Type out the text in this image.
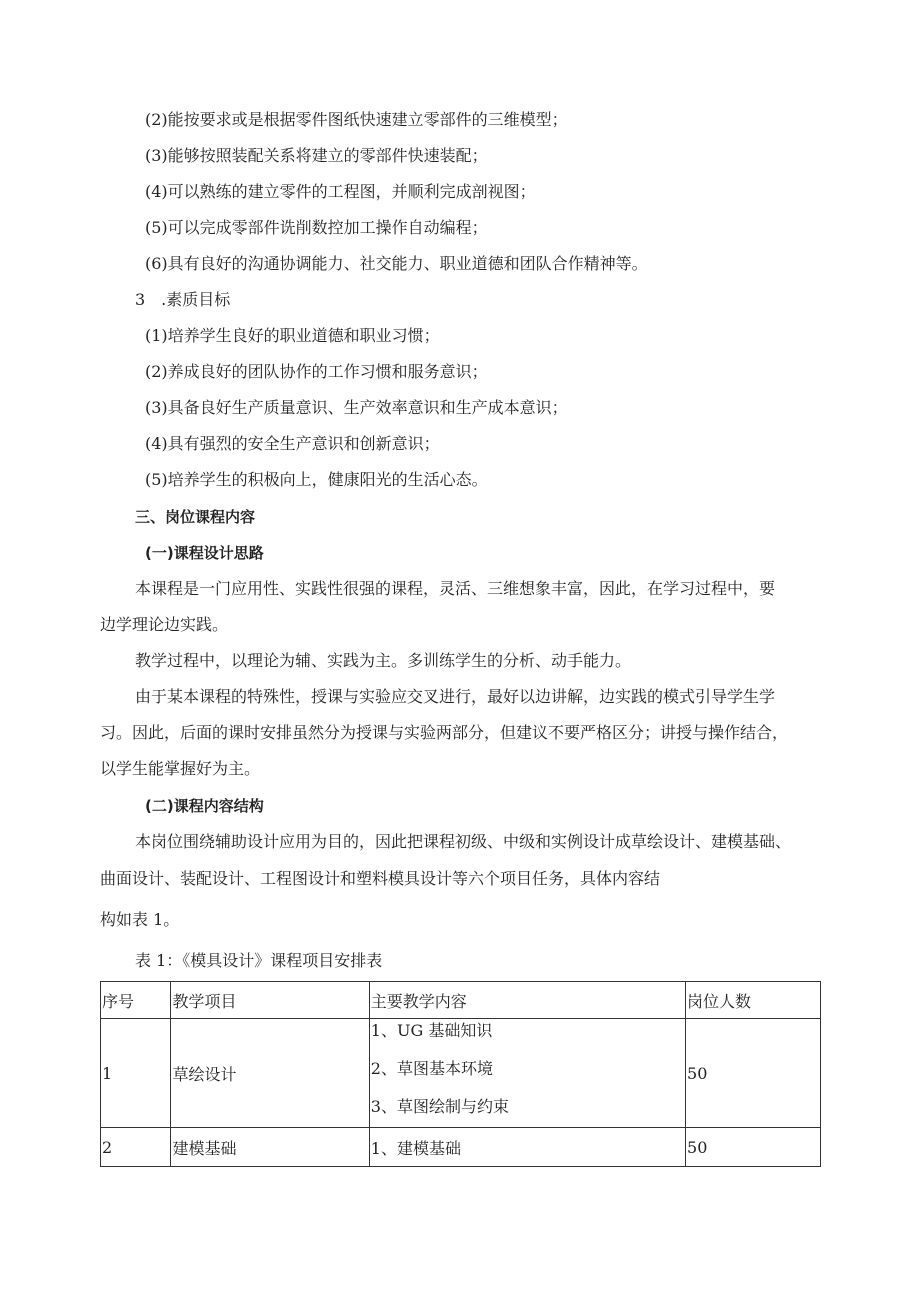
(2)能按要求或是根据零件图纸快速建立零部件的三维模型；
(3)能够按照装配关系将建立的零部件快速装配；
(4)可以熟练的建立零件的工程图，并顺利完成剖视图；
(5)可以完成零部件诜削数控加工操作自动编程；
(6)具有良好的沟通协调能力、社交能力、职业道德和团队合作精神等。
3　.素质目标
(1)培养学生良好的职业道德和职业习惯；
(2)养成良好的团队协作的工作习惯和服务意识；
(3)具备良好生产质量意识、生产效率意识和生产成本意识；
(4)具有强烈的安全生产意识和创新意识；
(5)培养学生的积极向上，健康阳光的生活心态。
三、岗位课程内容
(一)课程设计思路
本课程是一门应用性、实践性很强的课程，灵活、三维想象丰富，因此，在学习过程中，要
边学理论边实践。
教学过程中，以理论为辅、实践为主。多训练学生的分析、动手能力。
由于某本课程的特殊性，授课与实验应交叉进行，最好以边讲解，边实践的模式引导学生学
习。因此，后面的课时安排虽然分为授课与实验两部分，但建议不要严格区分；讲授与操作结合，
以学生能掌握好为主。
(二)课程内容结构
本岗位围绕辅助设计应用为目的，因此把课程初级、中级和实例设计成草绘设计、建模基础、
曲面设计、装配设计、工程图设计和塑料模具设计等六个项目任务，具体内容结
构如表 1。
表 1：《模具设计》课程项目安排表
序号	教学项目	主要教学内容	岗位人数
1	草绘设计	1、UG 基础知识
2、草图基本环境
3、草图绘制与约束	50
2	建模基础	1、建模基础	50
